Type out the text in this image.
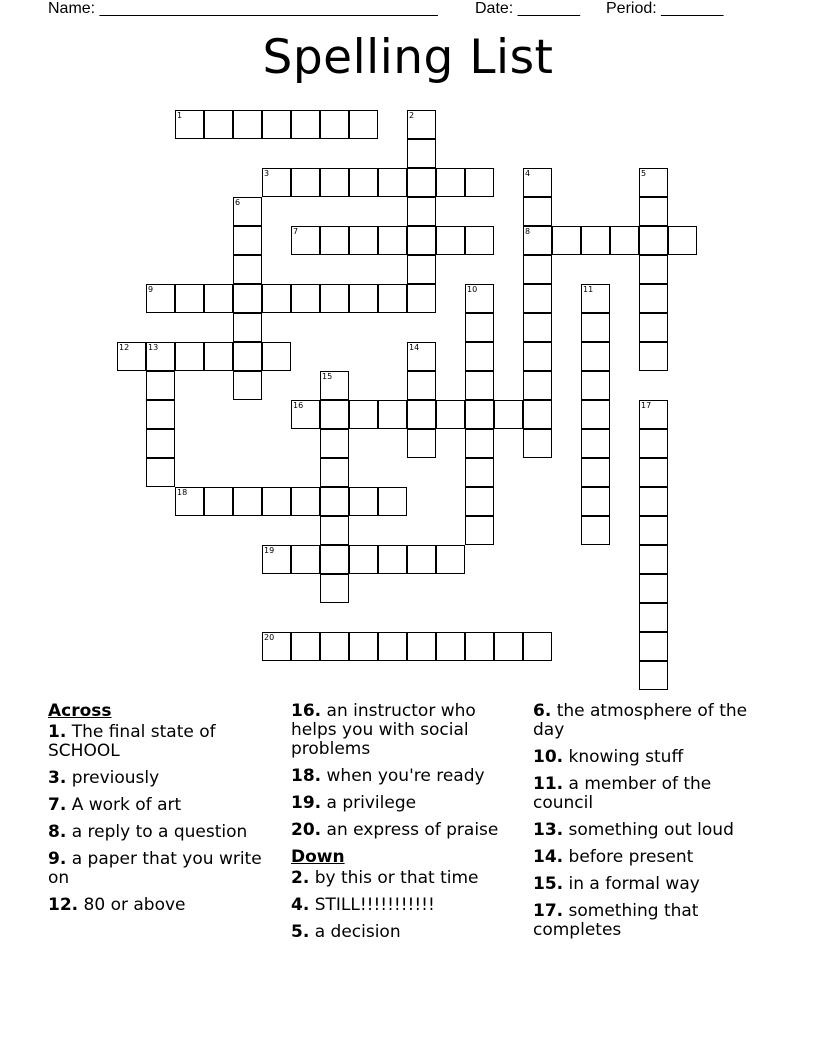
Name: ______________________________________ Date: _______ Period: _______
Spelling List
1	2
3	4
8
5
6
7
9	10	11
12 13	14
15
16	17
18
19
20
Across
1. The final state of SCHOOL
3. previously
7. A work of art
8. a reply to a question
9. a paper that you write on
12. 80 or above
16. an instructor who helps you with social problems
18. when you're ready
19. a privilege
20. an express of praise
Down
2. by this or that time
4. STILL!!!!!!!!!!!
5. a decision
6. the atmosphere of the day
10. knowing stuff
11. a member of the council
13. something out loud
14. before present
15. in a formal way
17. something that completes
